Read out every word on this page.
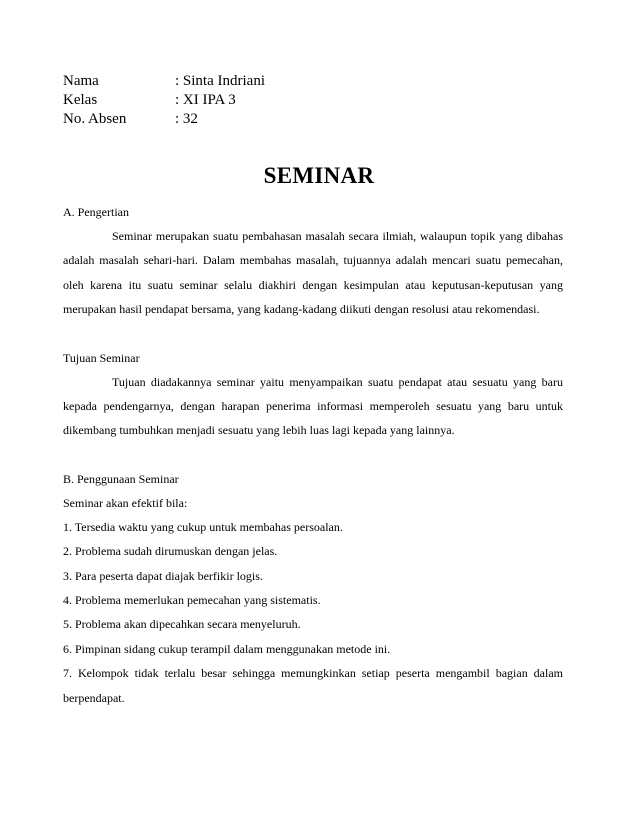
Nama	: Sinta Indriani
Kelas	: XI IPA 3
No. Absen	: 32
SEMINAR
A. Pengertian

Seminar merupakan suatu pembahasan masalah secara ilmiah, walaupun topik yang dibahas adalah masalah sehari-hari. Dalam membahas masalah, tujuannya adalah mencari suatu pemecahan, oleh karena itu suatu seminar selalu diakhiri dengan kesimpulan atau keputusan-keputusan yang merupakan hasil pendapat bersama, yang kadang-kadang diikuti dengan resolusi atau rekomendasi.

Tujuan Seminar

Tujuan diadakannya seminar yaitu menyampaikan suatu pendapat atau sesuatu yang baru kepada pendengarnya, dengan harapan penerima informasi memperoleh sesuatu yang baru untuk dikembang tumbuhkan menjadi sesuatu yang lebih luas lagi kepada yang lainnya.

B. Penggunaan Seminar
Seminar akan efektif bila:
1. Tersedia waktu yang cukup untuk membahas persoalan.
2. Problema sudah dirumuskan dengan jelas.
3. Para peserta dapat diajak berfikir logis.
4. Problema memerlukan pemecahan yang sistematis.
5. Problema akan dipecahkan secara menyeluruh.
6. Pimpinan sidang cukup terampil dalam menggunakan metode ini.
7. Kelompok tidak terlalu besar sehingga memungkinkan setiap peserta mengambil bagian dalam berpendapat.
